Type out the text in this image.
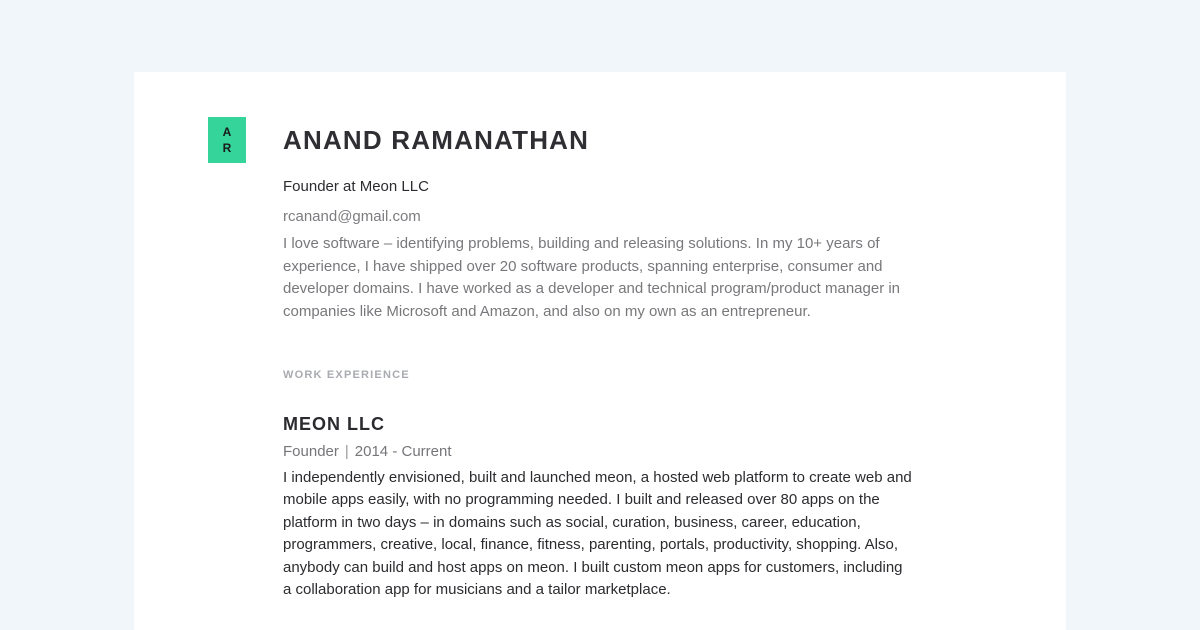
A
R ANAND RAMANATHAN
Founder at Meon LLC
rcanand@gmail.com
I love software – identifying problems, building and releasing solutions. In my 10+ years of experience, I have shipped over 20 software products, spanning enterprise, consumer and developer domains. I have worked as a developer and technical program/product manager in companies like Microsoft and Amazon, and also on my own as an entrepreneur.
WORK EXPERIENCE
MEON LLC
Founder | 2014 - Current
I independently envisioned, built and launched meon, a hosted web platform to create web and mobile apps easily, with no programming needed. I built and released over 80 apps on the platform in two days – in domains such as social, curation, business, career, education, programmers, creative, local, finance, fitness, parenting, portals, productivity, shopping. Also, anybody can build and host apps on meon. I built custom meon apps for customers, including a collaboration app for musicians and a tailor marketplace.
